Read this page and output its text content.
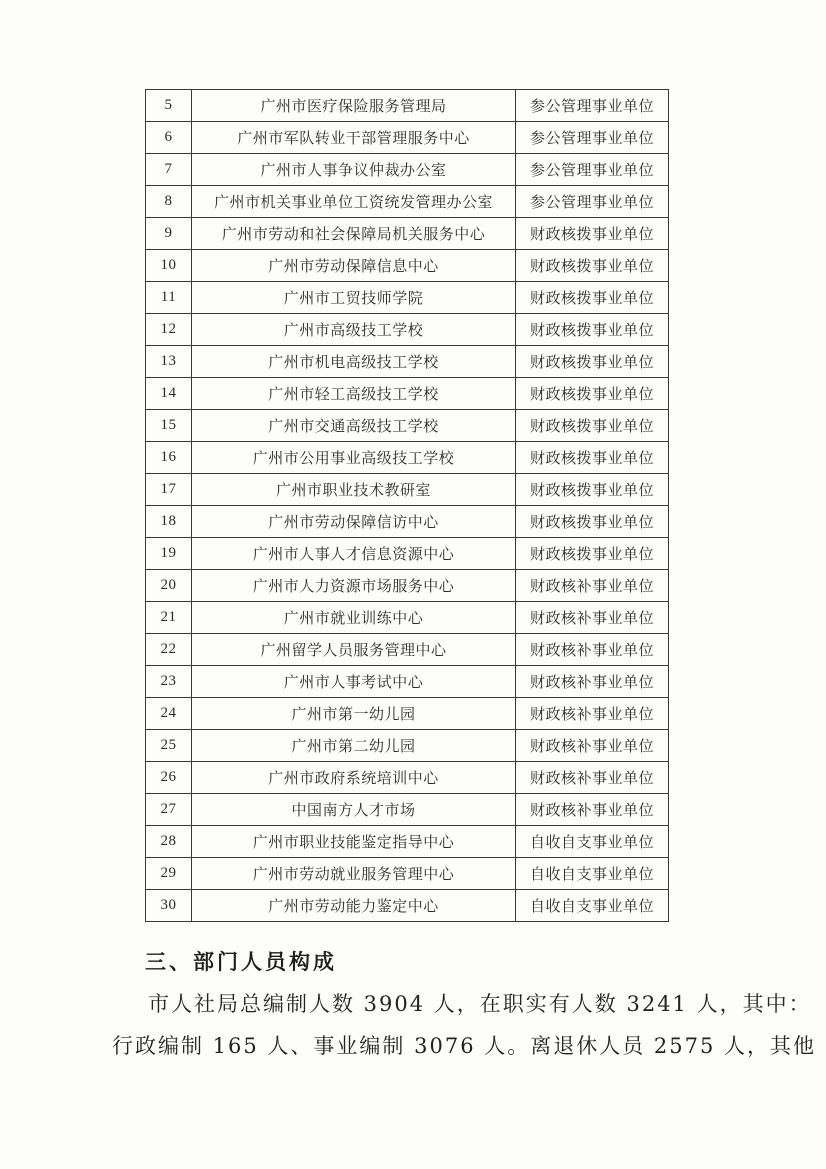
5	广州市医疗保险服务管理局	参公管理事业单位
6	广州市军队转业干部管理服务中心	参公管理事业单位
7	广州市人事争议仲裁办公室	参公管理事业单位
8	广州市机关事业单位工资统发管理办公室	参公管理事业单位
9	广州市劳动和社会保障局机关服务中心	财政核拨事业单位
10	广州市劳动保障信息中心	财政核拨事业单位
11	广州市工贸技师学院	财政核拨事业单位
12	广州市高级技工学校	财政核拨事业单位
13	广州市机电高级技工学校	财政核拨事业单位
14	广州市轻工高级技工学校	财政核拨事业单位
15	广州市交通高级技工学校	财政核拨事业单位
16	广州市公用事业高级技工学校	财政核拨事业单位
17	广州市职业技术教研室	财政核拨事业单位
18	广州市劳动保障信访中心	财政核拨事业单位
19	广州市人事人才信息资源中心	财政核拨事业单位
20	广州市人力资源市场服务中心	财政核补事业单位
21	广州市就业训练中心	财政核补事业单位
22	广州留学人员服务管理中心	财政核补事业单位
23	广州市人事考试中心	财政核补事业单位
24	广州市第一幼儿园	财政核补事业单位
25	广州市第二幼儿园	财政核补事业单位
26	广州市政府系统培训中心	财政核补事业单位
27	中国南方人才市场	财政核补事业单位
28	广州市职业技能鉴定指导中心	自收自支事业单位
29	广州市劳动就业服务管理中心	自收自支事业单位
30	广州市劳动能力鉴定中心	自收自支事业单位
三、部门人员构成
市人社局总编制人数 3904 人，在职实有人数 3241 人，其中：
行政编制 165 人、事业编制 3076 人。离退休人员 2575 人，其他
